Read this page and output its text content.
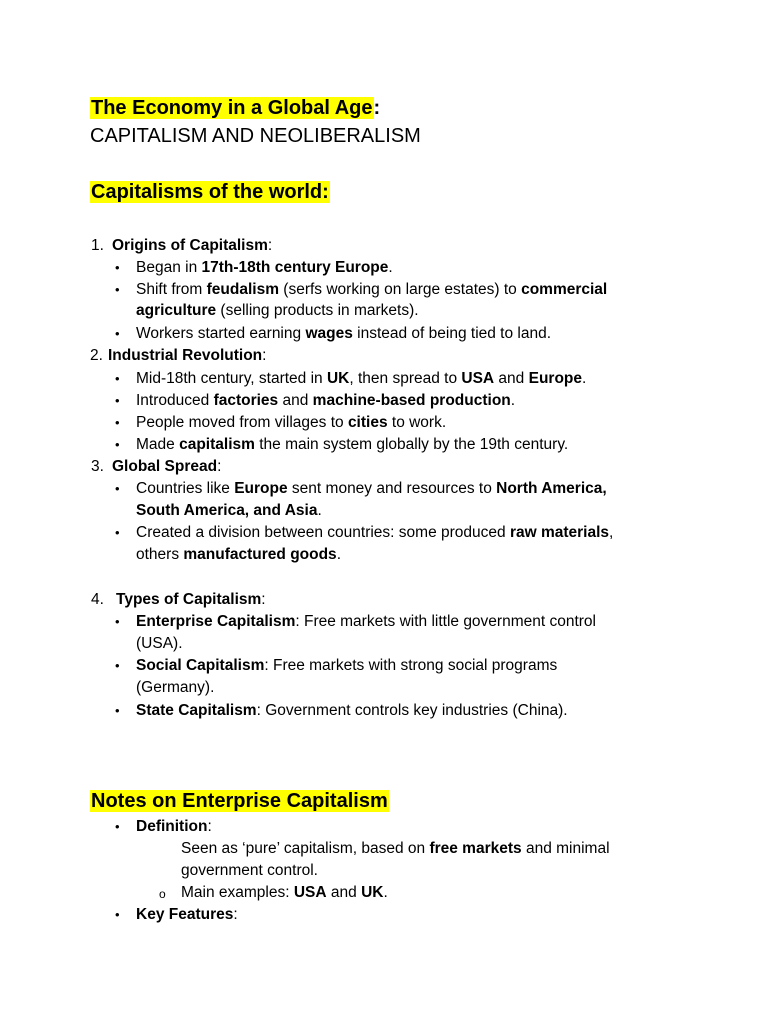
The Economy in a Global Age:
CAPITALISM AND NEOLIBERALISM
Capitalisms of the world:
1. Origins of Capitalism:
• Began in 17th-18th century Europe.
• Shift from feudalism (serfs working on large estates) to commercial
agriculture (selling products in markets).
• Workers started earning wages instead of being tied to land.
2. Industrial Revolution:
• Mid-18th century, started in UK, then spread to USA and Europe.
• Introduced factories and machine-based production.
• People moved from villages to cities to work.
• Made capitalism the main system globally by the 19th century.
3. Global Spread:
• Countries like Europe sent money and resources to North America,
South America, and Asia.
• Created a division between countries: some produced raw materials,
others manufactured goods.
4. Types of Capitalism:
• Enterprise Capitalism: Free markets with little government control
(USA).
• Social Capitalism: Free markets with strong social programs
(Germany).
• State Capitalism: Government controls key industries (China).
Notes on Enterprise Capitalism
• Definition:
Seen as ‘pure’ capitalism, based on free markets and minimal
government control.
o Main examples: USA and UK.
• Key Features:
